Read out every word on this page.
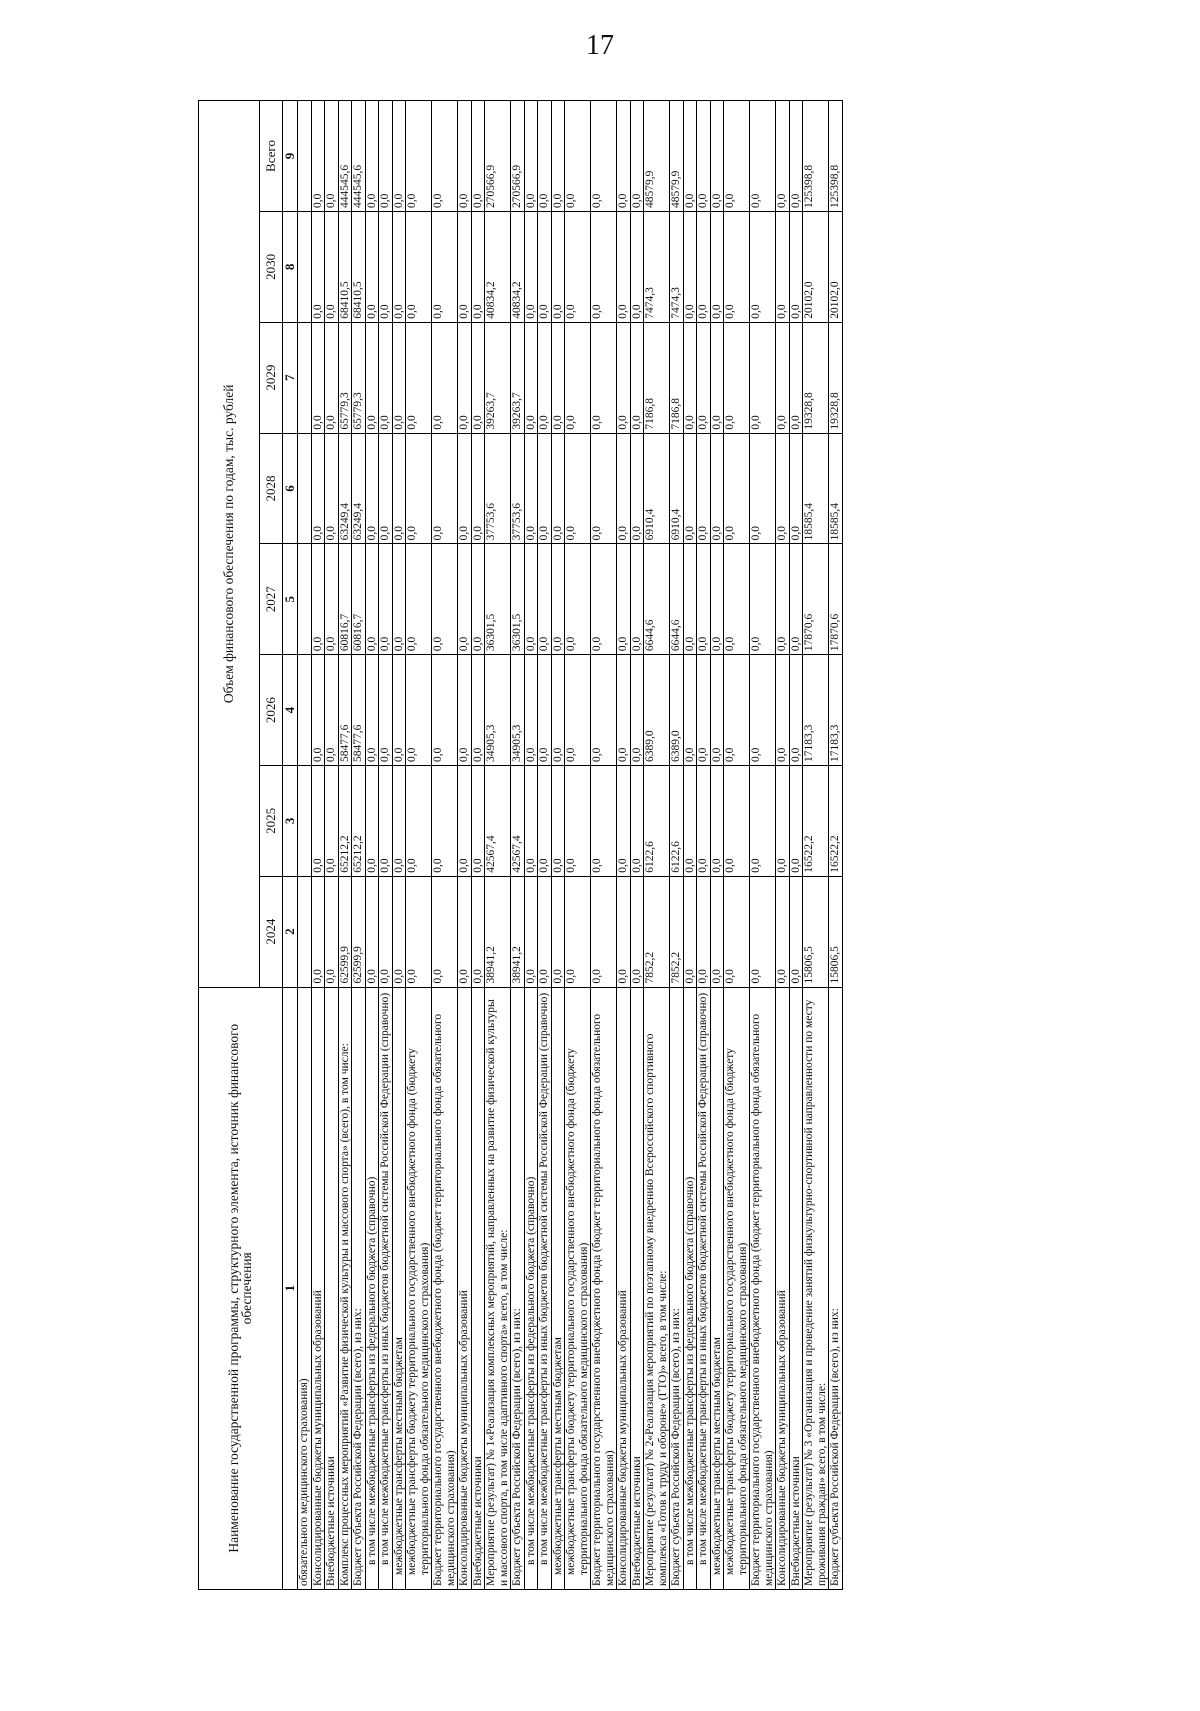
17
Наименование государственной программы, структурного элемента, источник финансового обеспечения	Объем финансового обеспечения по годам, тыс. рублей							
	2024	2025	2026	2027	2028	2029	2030	Всего
1	2	3	4	5	6	7	8	9
обязательного медицинского страхования)								
Консолидированные бюджеты муниципальных образований	0,0	0,0	0,0	0,0	0,0	0,0	0,0	0,0
Внебюджетные источники	0,0	0,0	0,0	0,0	0,0	0,0	0,0	0,0
Комплекс процессных мероприятий «Развитие физической культуры и массового спорта» (всего), в том числе:	62599,9	65212,2	58477,6	60816,7	63249,4	65779,3	68410,5	444545,6
Бюджет субъекта Российской Федерации (всего), из них:	62599,9	65212,2	58477,6	60816,7	63249,4	65779,3	68410,5	444545,6
в том числе межбюджетные трансферты из федерального бюджета (справочно)	0,0	0,0	0,0	0,0	0,0	0,0	0,0	0,0
в том числе межбюджетные трансферты из иных бюджетов бюджетной системы Российской Федерации (справочно)	0,0	0,0	0,0	0,0	0,0	0,0	0,0	0,0
межбюджетные трансферты местным бюджетам	0,0	0,0	0,0	0,0	0,0	0,0	0,0	0,0
межбюджетные трансферты бюджету территориального государственного внебюджетного фонда (бюджету территориального фонда обязательного медицинского страхования)	0,0	0,0	0,0	0,0	0,0	0,0	0,0	0,0
Бюджет территориального государственного внебюджетного фонда (бюджет территориального фонда обязательного медицинского страхования)	0,0	0,0	0,0	0,0	0,0	0,0	0,0	0,0
Консолидированные бюджеты муниципальных образований	0,0	0,0	0,0	0,0	0,0	0,0	0,0	0,0
Внебюджетные источники	0,0	0,0	0,0	0,0	0,0	0,0	0,0	0,0
Мероприятие (результат) № 1«Реализация комплексных мероприятий, направленных на развитие физической культуры и массового спорта, в том числе адаптивного спорта» всего, в том числе:	38941,2	42567,4	34905,3	36301,5	37753,6	39263,7	40834,2	270566,9
Бюджет субъекта Российской Федерации (всего), из них:	38941,2	42567,4	34905,3	36301,5	37753,6	39263,7	40834,2	270566,9
в том числе межбюджетные трансферты из федерального бюджета (справочно)	0,0	0,0	0,0	0,0	0,0	0,0	0,0	0,0
в том числе межбюджетные трансферты из иных бюджетов бюджетной системы Российской Федерации (справочно)	0,0	0,0	0,0	0,0	0,0	0,0	0,0	0,0
межбюджетные трансферты местным бюджетам	0,0	0,0	0,0	0,0	0,0	0,0	0,0	0,0
межбюджетные трансферты бюджету территориального государственного внебюджетного фонда (бюджету территориального фонда обязательного медицинского страхования)	0,0	0,0	0,0	0,0	0,0	0,0	0,0	0,0
Бюджет территориального государственного внебюджетного фонда (бюджет территориального фонда обязательного медицинского страхования)	0,0	0,0	0,0	0,0	0,0	0,0	0,0	0,0
Консолидированные бюджеты муниципальных образований	0,0	0,0	0,0	0,0	0,0	0,0	0,0	0,0
Внебюджетные источники	0,0	0,0	0,0	0,0	0,0	0,0	0,0	0,0
Мероприятие (результат) № 2«Реализация мероприятий по поэтапному внедрению Всероссийского спортивного комплекса «Готов к труду и обороне» (ГТО)» всего, в том числе:	7852,2	6122,6	6389,0	6644,6	6910,4	7186,8	7474,3	48579,9
Бюджет субъекта Российской Федерации (всего), из них:	7852,2	6122,6	6389,0	6644,6	6910,4	7186,8	7474,3	48579,9
в том числе межбюджетные трансферты из федерального бюджета (справочно)	0,0	0,0	0,0	0,0	0,0	0,0	0,0	0,0
в том числе межбюджетные трансферты из иных бюджетов бюджетной системы Российской Федерации (справочно)	0,0	0,0	0,0	0,0	0,0	0,0	0,0	0,0
межбюджетные трансферты местным бюджетам	0,0	0,0	0,0	0,0	0,0	0,0	0,0	0,0
межбюджетные трансферты бюджету территориального государственного внебюджетного фонда (бюджету территориального фонда обязательного медицинского страхования)	0,0	0,0	0,0	0,0	0,0	0,0	0,0	0,0
Бюджет территориального государственного внебюджетного фонда (бюджет территориального фонда обязательного медицинского страхования)	0,0	0,0	0,0	0,0	0,0	0,0	0,0	0,0
Консолидированные бюджеты муниципальных образований	0,0	0,0	0,0	0,0	0,0	0,0	0,0	0,0
Внебюджетные источники	0,0	0,0	0,0	0,0	0,0	0,0	0,0	0,0
Мероприятие (результат) № 3 «Организация и проведение занятий физкультурно-спортивной направленности по месту проживания граждан» всего, в том числе:	15806,5	16522,2	17183,3	17870,6	18585,4	19328,8	20102,0	125398,8
Бюджет субъекта Российской Федерации (всего), из них:	15806,5	16522,2	17183,3	17870,6	18585,4	19328,8	20102,0	125398,8
